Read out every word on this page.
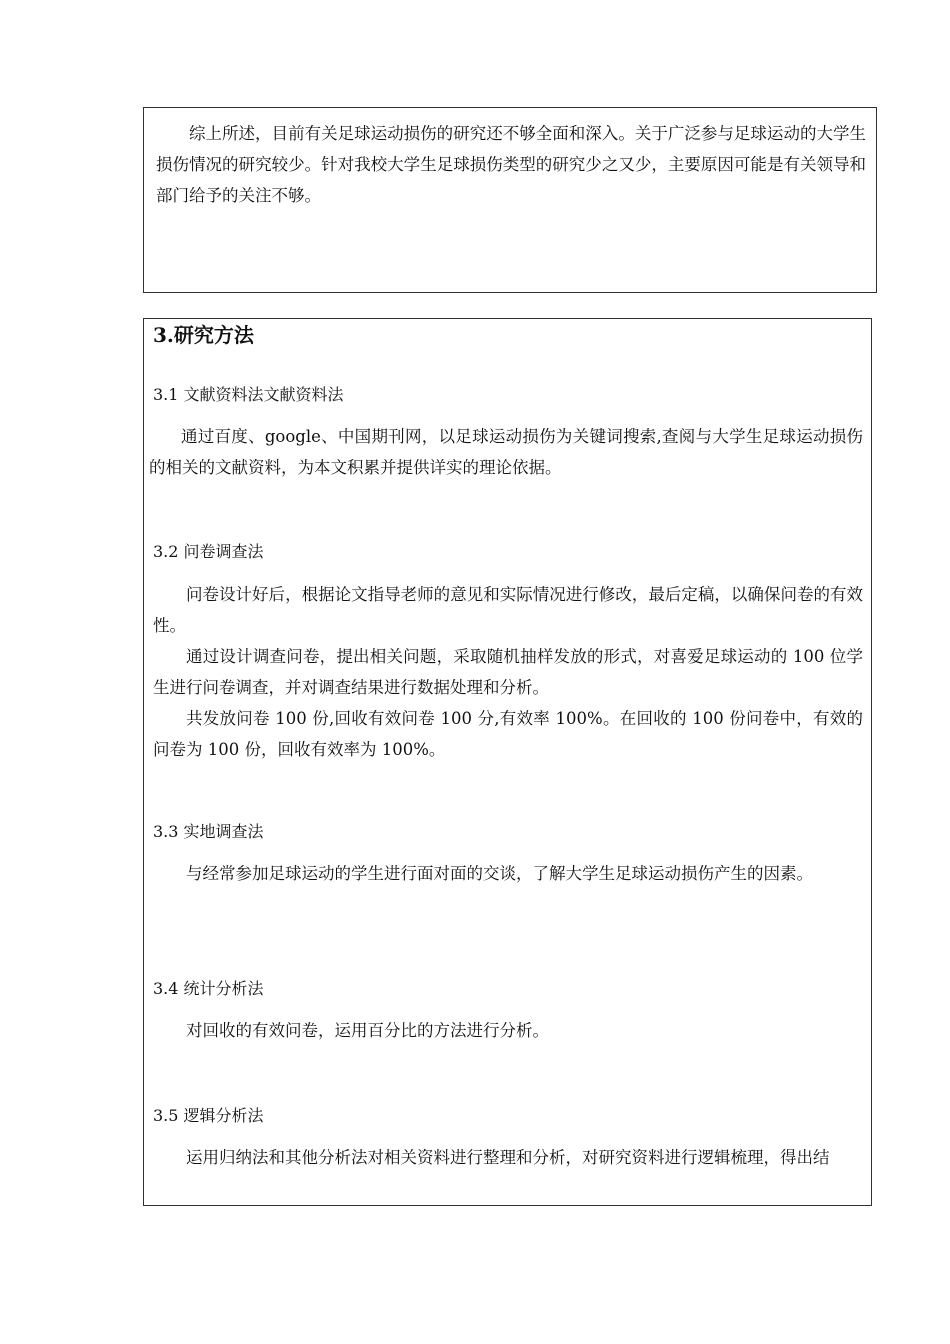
综上所述，目前有关足球运动损伤的研究还不够全面和深入。关于广泛参与足球运动的大学生损伤情况的研究较少。针对我校大学生足球损伤类型的研究少之又少，主要原因可能是有关领导和部门给予的关注不够。

3.研究方法
3.1 文献资料法文献资料法

通过百度、google、中国期刊网，以足球运动损伤为关键词搜索,查阅与大学生足球运动损伤的相关的文献资料，为本文积累并提供详实的理论依据。

3.2 问卷调查法

问卷设计好后，根据论文指导老师的意见和实际情况进行修改，最后定稿，以确保问卷的有效性。

通过设计调查问卷，提出相关问题，采取随机抽样发放的形式，对喜爱足球运动的 100 位学生进行问卷调查，并对调查结果进行数据处理和分析。

共发放问卷 100 份,回收有效问卷 100 分,有效率 100%。在回收的 100 份问卷中，有效的问卷为 100 份，回收有效率为 100%。

3.3 实地调查法

与经常参加足球运动的学生进行面对面的交谈，了解大学生足球运动损伤产生的因素。

3.4 统计分析法

对回收的有效问卷，运用百分比的方法进行分析。

3.5 逻辑分析法

运用归纳法和其他分析法对相关资料进行整理和分析，对研究资料进行逻辑梳理，得出结
